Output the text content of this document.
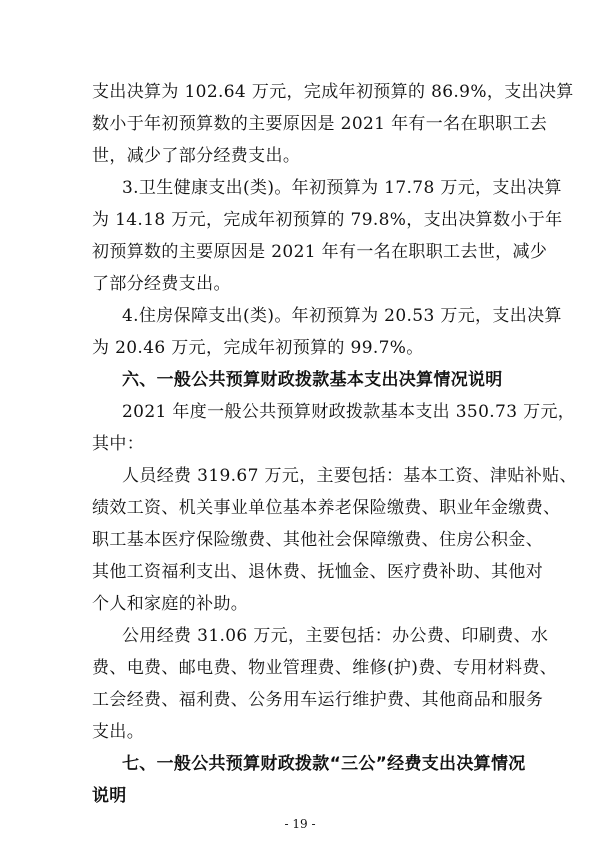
支出决算为 102.64 万元，完成年初预算的 86.9%，支出决算
数小于年初预算数的主要原因是 2021 年有一名在职职工去
世，减少了部分经费支出。
3.卫生健康支出(类)。年初预算为 17.78 万元，支出决算
为 14.18 万元，完成年初预算的 79.8%，支出决算数小于年
初预算数的主要原因是 2021 年有一名在职职工去世，减少
了部分经费支出。
4.住房保障支出(类)。年初预算为 20.53 万元，支出决算
为 20.46 万元，完成年初预算的 99.7%。
六、一般公共预算财政拨款基本支出决算情况说明
2021 年度一般公共预算财政拨款基本支出 350.73 万元，
其中：
人员经费 319.67 万元，主要包括：基本工资、津贴补贴、
绩效工资、机关事业单位基本养老保险缴费、职业年金缴费、
职工基本医疗保险缴费、其他社会保障缴费、住房公积金、
其他工资福利支出、退休费、抚恤金、医疗费补助、其他对
个人和家庭的补助。
公用经费 31.06 万元，主要包括：办公费、印刷费、水
费、电费、邮电费、物业管理费、维修(护)费、专用材料费、
工会经费、福利费、公务用车运行维护费、其他商品和服务
支出。
七、一般公共预算财政拨款“三公”经费支出决算情况
说明
- 19 -
